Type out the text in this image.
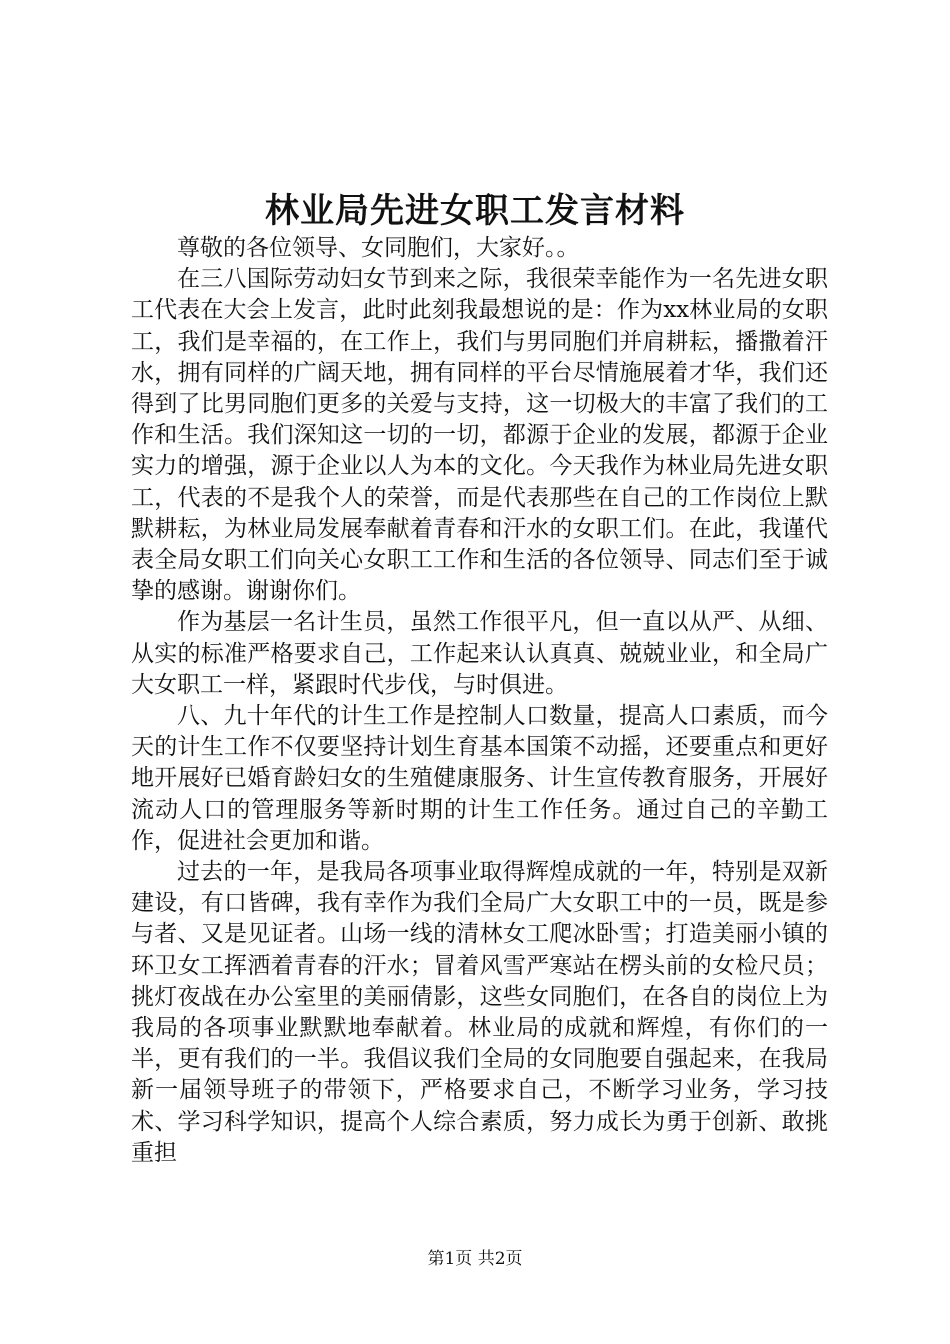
林业局先进女职工发言材料

尊敬的各位领导、女同胞们，大家好。。

在三八国际劳动妇女节到来之际，我很荣幸能作为一名先进女职工代表在大会上发言，此时此刻我最想说的是：作为xx林业局的女职工，我们是幸福的，在工作上，我们与男同胞们并肩耕耘，播撒着汗水，拥有同样的广阔天地，拥有同样的平台尽情施展着才华，我们还得到了比男同胞们更多的关爱与支持，这一切极大的丰富了我们的工作和生活。我们深知这一切的一切，都源于企业的发展，都源于企业实力的增强，源于企业以人为本的文化。今天我作为林业局先进女职工，代表的不是我个人的荣誉，而是代表那些在自己的工作岗位上默默耕耘，为林业局发展奉献着青春和汗水的女职工们。在此，我谨代表全局女职工们向关心女职工工作和生活的各位领导、同志们至于诚挚的感谢。谢谢你们。

作为基层一名计生员，虽然工作很平凡，但一直以从严、从细、从实的标准严格要求自己，工作起来认认真真、兢兢业业，和全局广大女职工一样，紧跟时代步伐，与时俱进。

八、九十年代的计生工作是控制人口数量，提高人口素质，而今天的计生工作不仅要坚持计划生育基本国策不动摇，还要重点和更好地开展好已婚育龄妇女的生殖健康服务、计生宣传教育服务，开展好流动人口的管理服务等新时期的计生工作任务。通过自己的辛勤工作，促进社会更加和谐。

过去的一年，是我局各项事业取得辉煌成就的一年，特别是双新建设，有口皆碑，我有幸作为我们全局广大女职工中的一员，既是参与者、又是见证者。山场一线的清林女工爬冰卧雪；打造美丽小镇的环卫女工挥洒着青春的汗水；冒着风雪严寒站在楞头前的女检尺员；挑灯夜战在办公室里的美丽倩影，这些女同胞们，在各自的岗位上为我局的各项事业默默地奉献着。林业局的成就和辉煌，有你们的一半，更有我们的一半。我倡议我们全局的女同胞要自强起来，在我局新一届领导班子的带领下，严格要求自己，不断学习业务，学习技术、学习科学知识，提高个人综合素质，努力成长为勇于创新、敢挑重担

第1页 共2页
